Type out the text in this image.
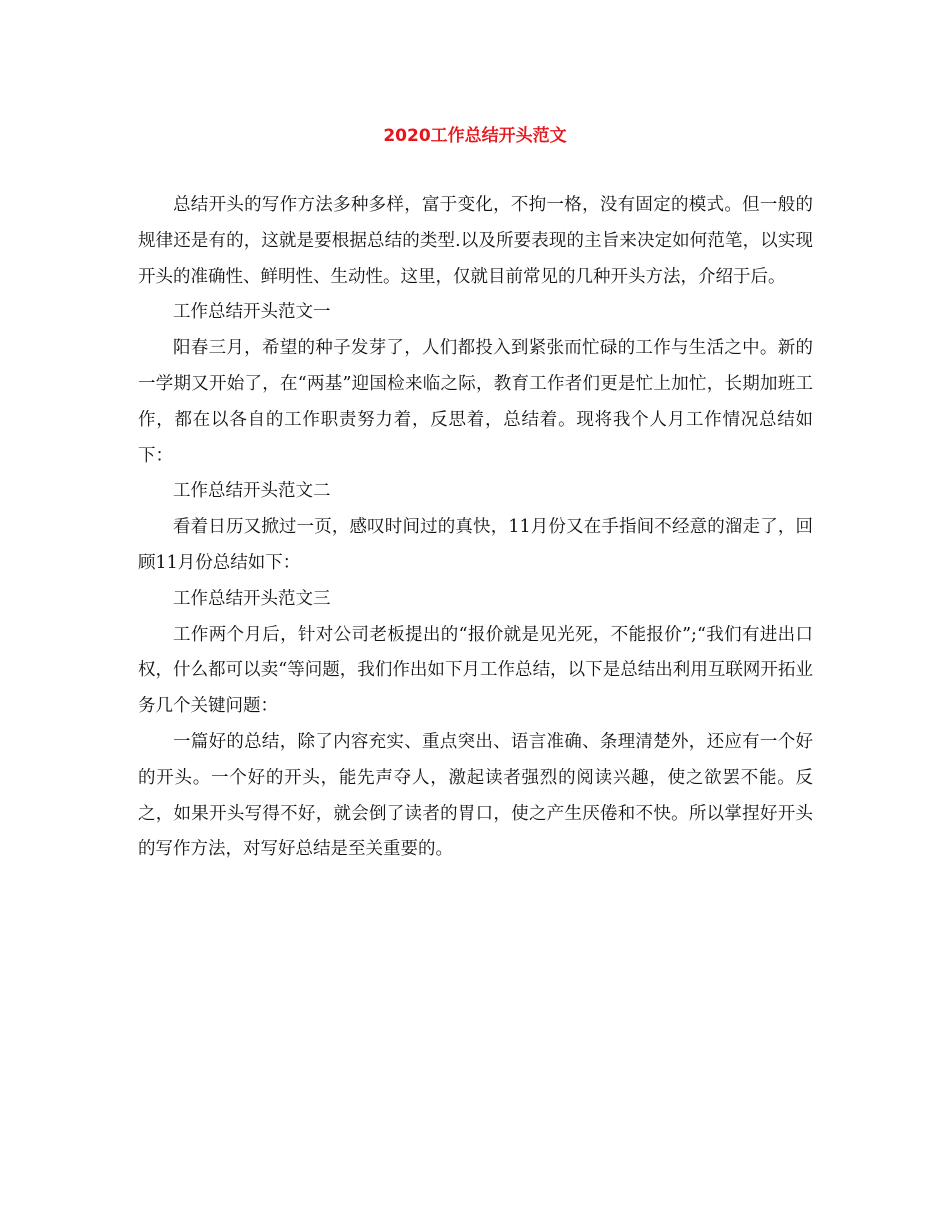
2020工作总结开头范文

总结开头的写作方法多种多样，富于变化，不拘一格，没有固定的模式。但一般的规律还是有的，这就是要根据总结的类型.以及所要表现的主旨来决定如何范笔，以实现开头的准确性、鲜明性、生动性。这里，仅就目前常见的几种开头方法，介绍于后。

工作总结开头范文一

阳春三月，希望的种子发芽了，人们都投入到紧张而忙碌的工作与生活之中。新的一学期又开始了，在“两基”迎国检来临之际，教育工作者们更是忙上加忙，长期加班工作，都在以各自的工作职责努力着，反思着，总结着。现将我个人月工作情况总结如下：

工作总结开头范文二

看着日历又掀过一页，感叹时间过的真快，11月份又在手指间不经意的溜走了，回顾11月份总结如下：

工作总结开头范文三

工作两个月后，针对公司老板提出的“报价就是见光死，不能报价”;“我们有进出口权，什么都可以卖“等问题，我们作出如下月工作总结，以下是总结出利用互联网开拓业务几个关键问题：

一篇好的总结，除了内容充实、重点突出、语言准确、条理清楚外，还应有一个好的开头。一个好的开头，能先声夺人，激起读者强烈的阅读兴趣，使之欲罢不能。反之，如果开头写得不好，就会倒了读者的胃口，使之产生厌倦和不快。所以掌捏好开头的写作方法，对写好总结是至关重要的。
